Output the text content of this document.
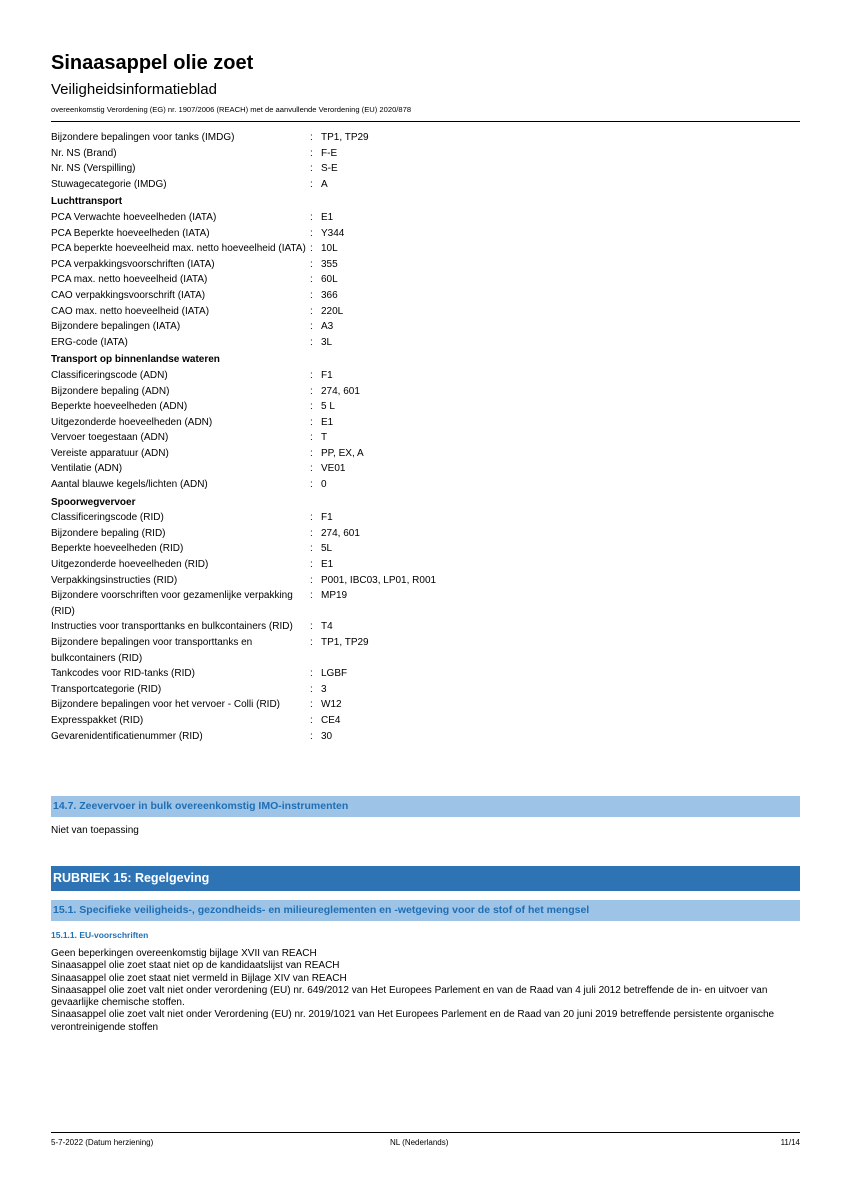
Sinaasappel olie zoet
Veiligheidsinformatieblad
overeenkomstig Verordening (EG) nr. 1907/2006 (REACH) met de aanvullende Verordening (EU) 2020/878
Bijzondere bepalingen voor tanks (IMDG)	: TP1, TP29
Nr. NS (Brand)	: F-E
Nr. NS (Verspilling)	: S-E
Stuwagecategorie (IMDG)	: A
Luchttransport
PCA Verwachte hoeveelheden (IATA)	: E1
PCA Beperkte hoeveelheden (IATA)	: Y344
PCA beperkte hoeveelheid max. netto hoeveelheid (IATA) : 10L
PCA verpakkingsvoorschriften (IATA)	: 355
PCA max. netto hoeveelheid (IATA)	: 60L
CAO verpakkingsvoorschrift (IATA)	: 366
CAO max. netto hoeveelheid (IATA)	: 220L
Bijzondere bepalingen (IATA)	: A3
ERG-code (IATA)	: 3L
Transport op binnenlandse wateren
Classificeringscode (ADN)	: F1
Bijzondere bepaling (ADN)	: 274, 601
Beperkte hoeveelheden (ADN)	: 5 L
Uitgezonderde hoeveelheden (ADN)	: E1
Vervoer toegestaan (ADN)	: T
Vereiste apparatuur (ADN)	: PP, EX, A
Ventilatie (ADN)	: VE01
Aantal blauwe kegels/lichten (ADN)	: 0
Spoorwegvervoer
Classificeringscode (RID)	: F1
Bijzondere bepaling (RID)	: 274, 601
Beperkte hoeveelheden (RID)	: 5L
Uitgezonderde hoeveelheden (RID)	: E1
Verpakkingsinstructies (RID)	: P001, IBC03, LP01, R001
Bijzondere voorschriften voor gezamenlijke verpakking (RID)
: MP19
Instructies voor transporttanks en bulkcontainers (RID)	: T4
Bijzondere bepalingen voor transporttanks en bulkcontainers (RID)
: TP1, TP29
Tankcodes voor RID-tanks (RID)	: LGBF
Transportcategorie (RID)	: 3
Bijzondere bepalingen voor het vervoer - Colli (RID)	: W12
Expresspakket (RID)	: CE4
Gevarenidentificatienummer (RID)	: 30
14.7. Zeevervoer in bulk overeenkomstig IMO-instrumenten
Niet van toepassing
RUBRIEK 15: Regelgeving
15.1. Specifieke veiligheids-, gezondheids- en milieureglementen en -wetgeving voor de stof of het mengsel
15.1.1. EU-voorschriften
Geen beperkingen overeenkomstig bijlage XVII van REACH
Sinaasappel olie zoet staat niet op de kandidaatslijst van REACH
Sinaasappel olie zoet staat niet vermeld in Bijlage XIV van REACH
Sinaasappel olie zoet valt niet onder verordening (EU) nr. 649/2012 van Het Europees Parlement en van de Raad van 4 juli 2012 betreffende de in- en uitvoer van gevaarlijke chemische stoffen.
Sinaasappel olie zoet valt niet onder Verordening (EU) nr. 2019/1021 van Het Europees Parlement en de Raad van 20 juni 2019 betreffende persistente organische verontreinigende stoffen
5-7-2022 (Datum herziening)	NL (Nederlands)	11/14
